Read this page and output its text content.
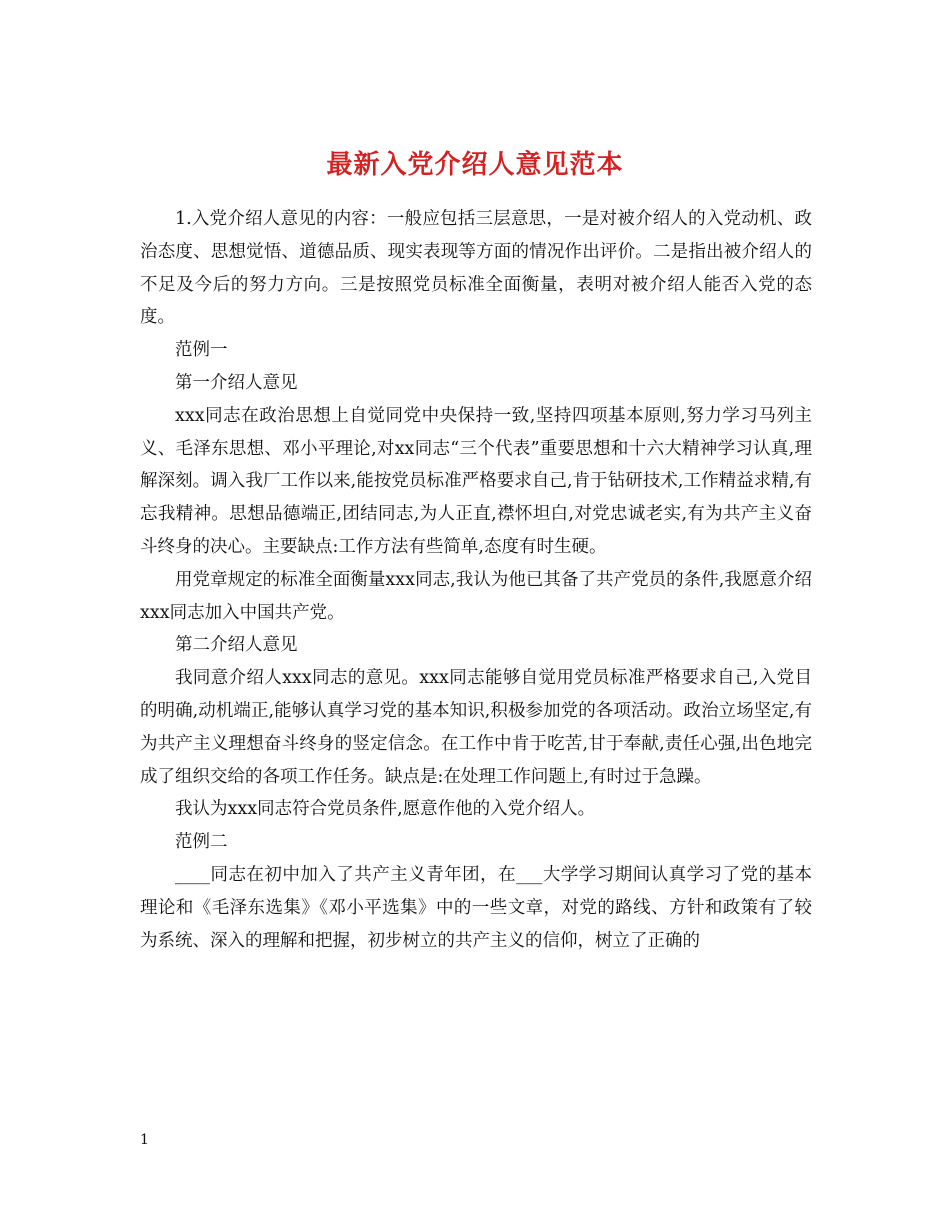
最新入党介绍人意见范本

1.入党介绍人意见的内容：一般应包括三层意思，一是对被介绍人的入党动机、政治态度、思想觉悟、道德品质、现实表现等方面的情况作出评价。二是指出被介绍人的不足及今后的努力方向。三是按照党员标准全面衡量，表明对被介绍人能否入党的态度。

范例一

第一介绍人意见

xxx同志在政治思想上自觉同党中央保持一致,坚持四项基本原则,努力学习马列主义、毛泽东思想、邓小平理论,对xx同志“三个代表”重要思想和十六大精神学习认真,理解深刻。调入我厂工作以来,能按党员标准严格要求自己,肯于钻研技术,工作精益求精,有忘我精神。思想品德端正,团结同志,为人正直,襟怀坦白,对党忠诚老实,有为共产主义奋斗终身的决心。主要缺点:工作方法有些简单,态度有时生硬。

用党章规定的标准全面衡量xxx同志,我认为他已其备了共产党员的条件,我愿意介绍xxx同志加入中国共产党。

第二介绍人意见

我同意介绍人xxx同志的意见。xxx同志能够自觉用党员标准严格要求自己,入党目的明确,动机端正,能够认真学习党的基本知识,积极参加党的各项活动。政治立场坚定,有为共产主义理想奋斗终身的竖定信念。在工作中肯于吃苦,甘于奉献,责任心强,出色地完成了组织交给的各项工作任务。缺点是:在处理工作问题上,有时过于急躁。

我认为xxx同志符合党员条件,愿意作他的入党介绍人。

范例二

____同志在初中加入了共产主义青年团，在___大学学习期间认真学习了党的基本理论和《毛泽东选集》《邓小平选集》中的一些文章，对党的路线、方针和政策有了较为系统、深入的理解和把握，初步树立的共产主义的信仰，树立了正确的

1
